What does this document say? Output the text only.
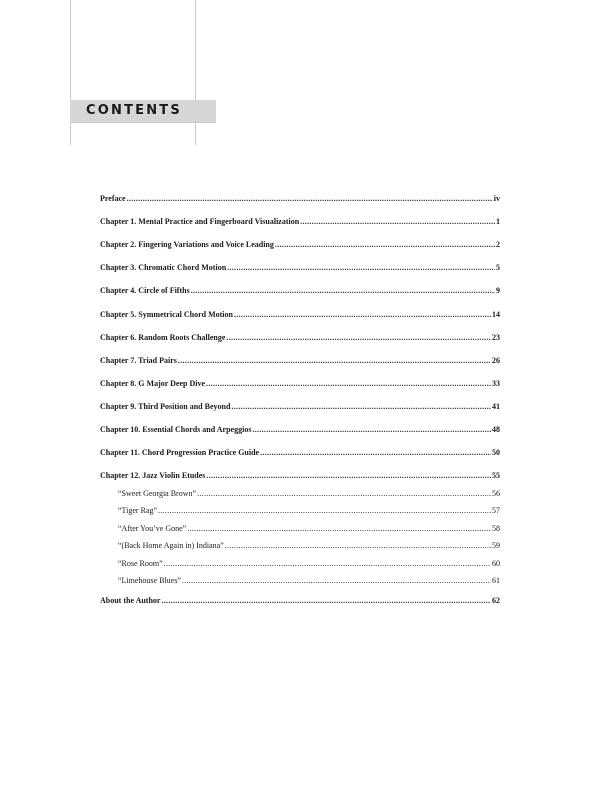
CONTENTS
Preface .....	iv
Chapter 1. Mental Practice and Fingerboard Visualization .....	1
Chapter 2. Fingering Variations and Voice Leading .....	2
Chapter 3. Chromatic Chord Motion .....	5
Chapter 4. Circle of Fifths .....	9
Chapter 5. Symmetrical Chord Motion .....	14
Chapter 6. Random Roots Challenge .....	23
Chapter 7. Triad Pairs .....	26
Chapter 8. G Major Deep Dive .....	33
Chapter 9. Third Position and Beyond .....	41
Chapter 10. Essential Chords and Arpeggios .....	48
Chapter 11. Chord Progression Practice Guide .....	50
Chapter 12. Jazz Violin Etudes .....	55
“Sweet Georgia Brown” .....	56
“Tiger Rag” .....	57
“After You’ve Gone” .....	58
“(Back Home Again in) Indiana” .....	59
“Rose Room” .....	60
“Limehouse Blues” .....	61
About the Author .....	62
